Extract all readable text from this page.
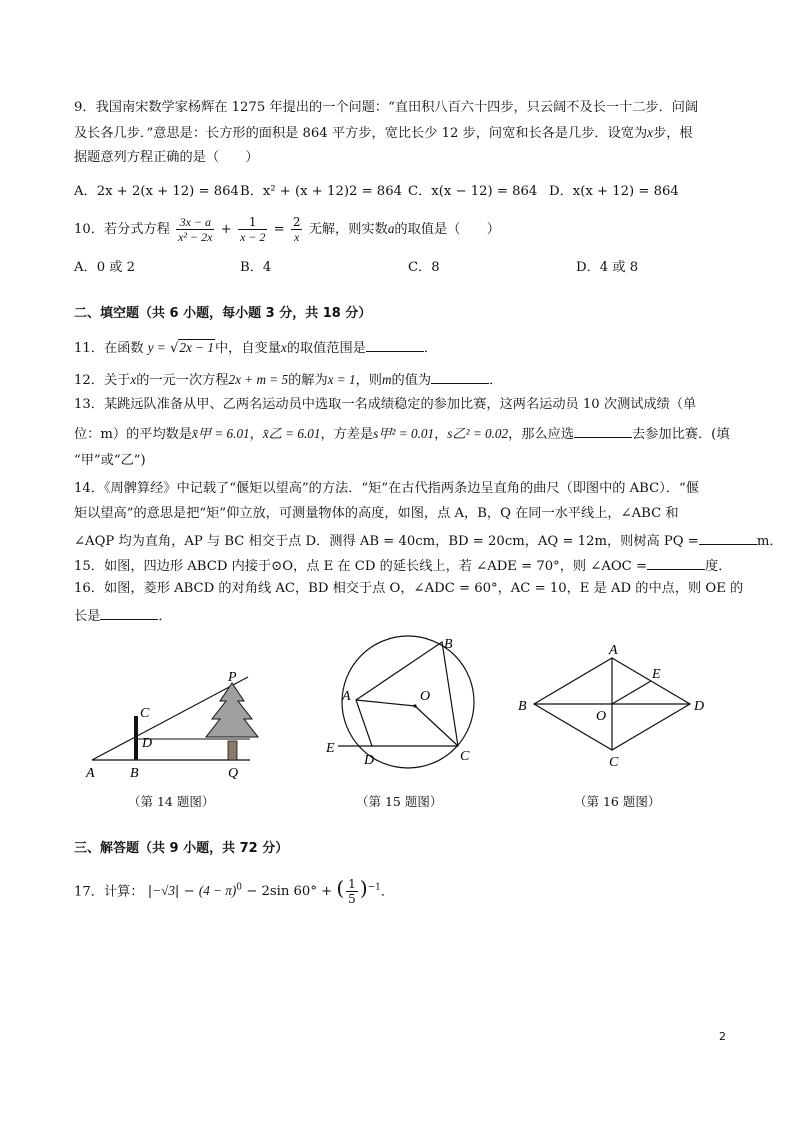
9．我国南宋数学家杨辉在 1275 年提出的一个问题：“直田积八百六十四步，只云阔不及长一十二步．问阔
及长各几步．”意思是：长方形的面积是 864 平方步，宽比长少 12 步，问宽和长各是几步．设宽为x步，根
据题意列方程正确的是（　　）
A．2x + 2(x + 12) = 864 B．x² + (x + 12)2 = 864 C．x(x − 12) = 864 D．x(x + 12) = 864
10．若分式方程 $\frac{3x - a}{\text{x² − 2x}} + \frac{1}{x - 2} = \frac{2}{x}$ 无解，则实数a的取值是（　　）
A．0 或 2	B．4	C．8	D．4 或 8
二、填空题（共 6 小题，每小题 3 分，共 18 分）
11．在函数 y = √2x − 1中，自变量x的取值范围是	．
12．关于x的一元一次方程2x + m = 5的解为x = 1，则m的值为	．
13．某跳远队准备从甲、乙两名运动员中选取一名成绩稳定的参加比赛，这两名运动员 10 次测试成绩（单
位：m）的平均数是x̄甲 = 6.01，x̄乙 = 6.01，方差是s甲² = 0.01，s乙² = 0.02，那么应选	去参加比赛．(填
“甲”或“乙”)
14．《周髀算经》中记载了“偃矩以望高”的方法．“矩”在古代指两条边呈直角的曲尺（即图中的 ABC）．“偃
矩以望高”的意思是把“矩”仰立放，可测量物体的高度，如图，点 A，B，Q 在同一水平线上，∠ABC 和
∠AQP 均为直角，AP 与 BC 相交于点 D．测得 AB = 40cm，BD = 20cm，AQ = 12m，则树高 PQ =	m．
15．如图，四边形 ABCD 内接于⊙O，点 E 在 CD 的延长线上，若 ∠ADE = 70°，则 ∠AOC =	度．
16．如图，菱形 ABCD 的对角线 AC，BD 相交于点 O，∠ADC = 60°，AC = 10，E 是 AD 的中点，则 OE 的
长是	．
P
C
D
A	B	Q
（第 14 题图）
B
A	O
E
D	C
（第 15 题图）
A
E
B
O
D
C
（第 16 题图）
三、解答题（共 9 小题，共 72 分）
17．计算： $|-√3| - (4 - \pi)^0 - 2\sin$ 60° + ( $\frac{1}{5} )^{-1}$．
2
